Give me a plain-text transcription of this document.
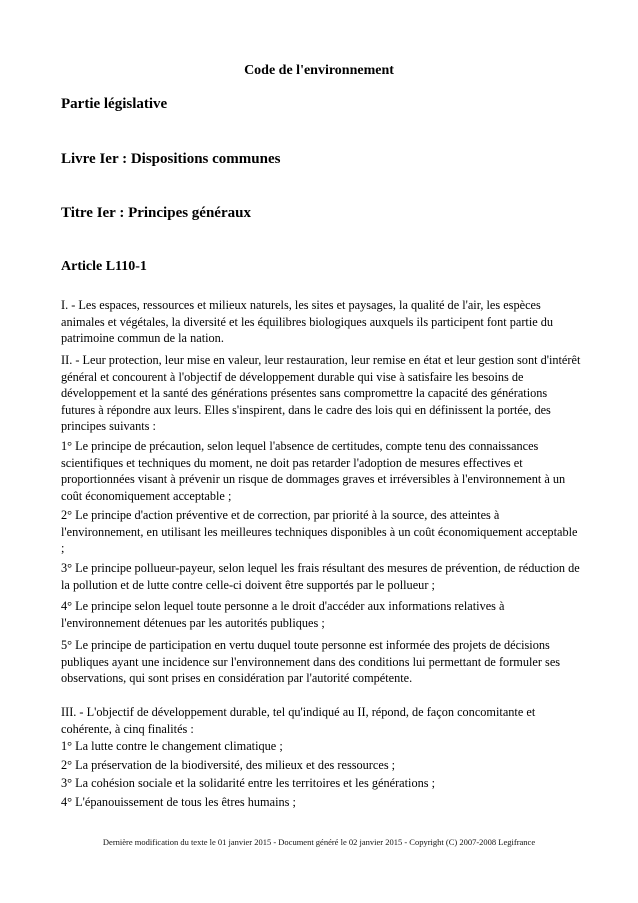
Code de l'environnement
Partie législative
Livre Ier : Dispositions communes
Titre Ier : Principes généraux
Article L110-1

I. - Les espaces, ressources et milieux naturels, les sites et paysages, la qualité de l'air, les espèces animales et végétales, la diversité et les équilibres biologiques auxquels ils participent font partie du patrimoine commun de la nation.

II. - Leur protection, leur mise en valeur, leur restauration, leur remise en état et leur gestion sont d'intérêt général et concourent à l'objectif de développement durable qui vise à satisfaire les besoins de développement et la santé des générations présentes sans compromettre la capacité des générations futures à répondre aux leurs. Elles s'inspirent, dans le cadre des lois qui en définissent la portée, des principes suivants :

1° Le principe de précaution, selon lequel l'absence de certitudes, compte tenu des connaissances scientifiques et techniques du moment, ne doit pas retarder l'adoption de mesures effectives et proportionnées visant à prévenir un risque de dommages graves et irréversibles à l'environnement à un coût économiquement acceptable ;

2° Le principe d'action préventive et de correction, par priorité à la source, des atteintes à l'environnement, en utilisant les meilleures techniques disponibles à un coût économiquement acceptable ;

3° Le principe pollueur-payeur, selon lequel les frais résultant des mesures de prévention, de réduction de la pollution et de lutte contre celle-ci doivent être supportés par le pollueur ;

4° Le principe selon lequel toute personne a le droit d'accéder aux informations relatives à l'environnement détenues par les autorités publiques ;

5° Le principe de participation en vertu duquel toute personne est informée des projets de décisions publiques ayant une incidence sur l'environnement dans des conditions lui permettant de formuler ses observations, qui sont prises en considération par l'autorité compétente.

III. - L'objectif de développement durable, tel qu'indiqué au II, répond, de façon concomitante et cohérente, à cinq finalités :

1° La lutte contre le changement climatique ;
2° La préservation de la biodiversité, des milieux et des ressources ;
3° La cohésion sociale et la solidarité entre les territoires et les générations ;
4° L'épanouissement de tous les êtres humains ;
Dernière modification du texte le 01 janvier 2015 - Document généré le 02 janvier 2015 - Copyright (C) 2007-2008 Legifrance
